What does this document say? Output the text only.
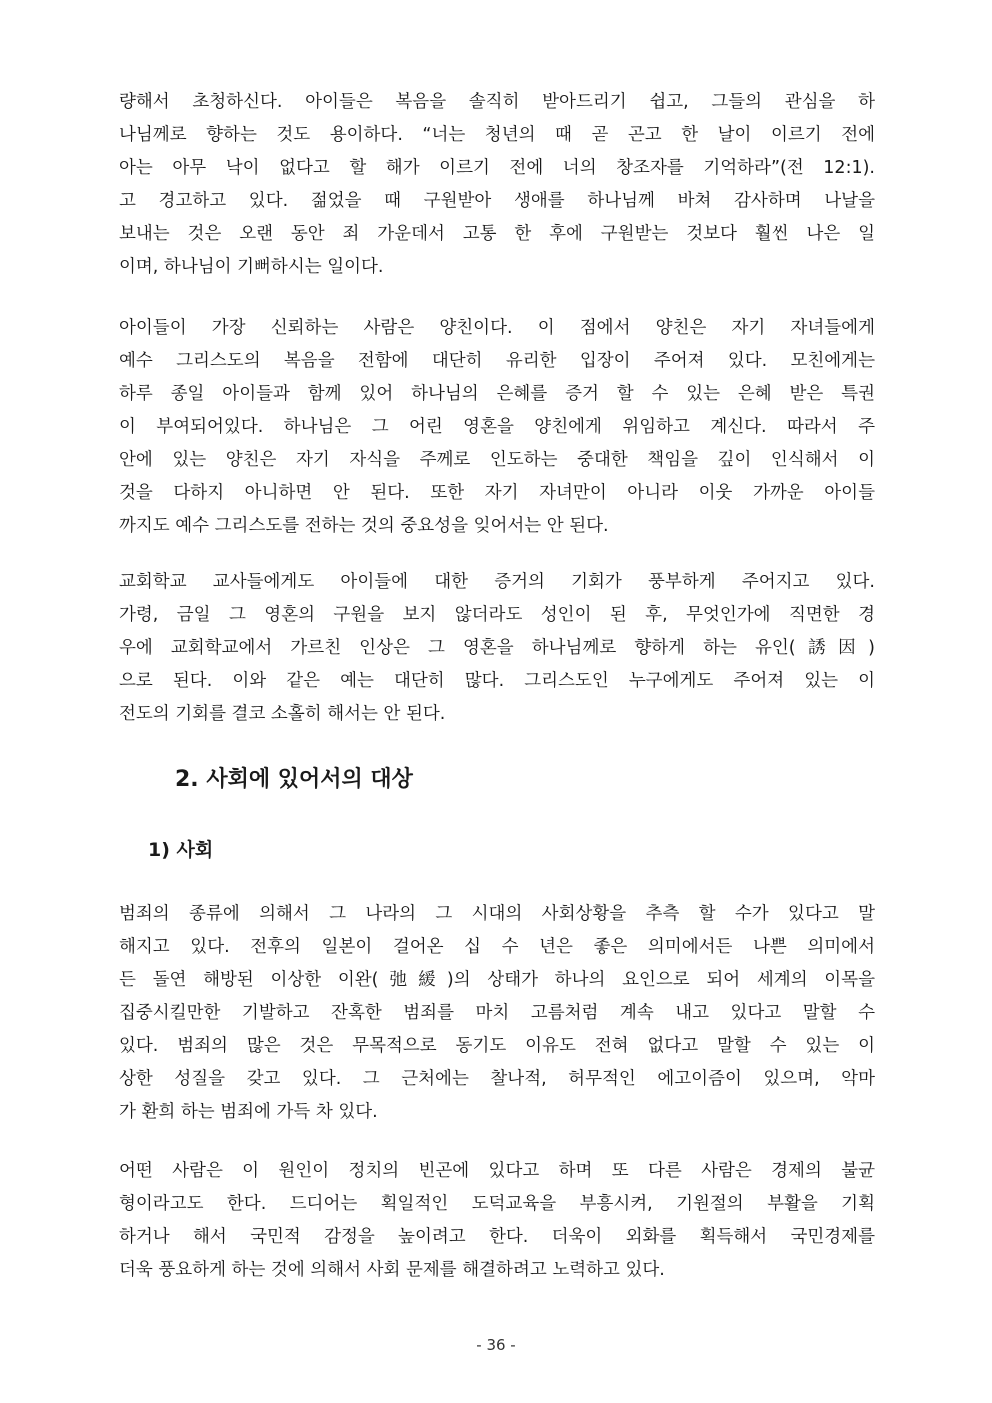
량해서 초청하신다. 아이들은 복음을 솔직히 받아드리기 쉽고, 그들의 관심을 하
나님께로 향하는 것도 용이하다. “너는 청년의 때 곧 곤고 한 날이 이르기 전에
아는 아무 낙이 없다고 할 해가 이르기 전에 너의 창조자를 기억하라”(전 12:1).
고 경고하고 있다. 젊었을 때 구원받아 생애를 하나님께 바쳐 감사하며 나날을
보내는 것은 오랜 동안 죄 가운데서 고통 한 후에 구원받는 것보다 훨씬 나은 일
이며, 하나님이 기뻐하시는 일이다.
아이들이 가장 신뢰하는 사람은 양친이다. 이 점에서 양친은 자기 자녀들에게
예수 그리스도의 복음을 전함에 대단히 유리한 입장이 주어져 있다. 모친에게는
하루 종일 아이들과 함께 있어 하나님의 은혜를 증거 할 수 있는 은혜 받은 특권
이 부여되어있다. 하나님은 그 어린 영혼을 양친에게 위임하고 계신다. 따라서 주
안에 있는 양친은 자기 자식을 주께로 인도하는 중대한 책임을 깊이 인식해서 이
것을 다하지 아니하면 안 된다. 또한 자기 자녀만이 아니라 이웃 가까운 아이들
까지도 예수 그리스도를 전하는 것의 중요성을 잊어서는 안 된다.
교회학교 교사들에게도 아이들에 대한 증거의 기회가 풍부하게 주어지고 있다.
가령, 금일 그 영혼의 구원을 보지 않더라도 성인이 된 후, 무엇인가에 직면한 경
우에 교회학교에서 가르친 인상은 그 영혼을 하나님께로 향하게 하는 유인(誘因)
으로 된다. 이와 같은 예는 대단히 많다. 그리스도인 누구에게도 주어져 있는 이
전도의 기회를 결코 소홀히 해서는 안 된다.
2. 사회에 있어서의 대상
1) 사회
범죄의 종류에 의해서 그 나라의 그 시대의 사회상황을 추측 할 수가 있다고 말
해지고 있다. 전후의 일본이 걸어온 십 수 년은 좋은 의미에서든 나쁜 의미에서
든 돌연 해방된 이상한 이완(弛緩)의 상태가 하나의 요인으로 되어 세계의 이목을
집중시킬만한 기발하고 잔혹한 범죄를 마치 고름처럼 계속 내고 있다고 말할 수
있다. 범죄의 많은 것은 무목적으로 동기도 이유도 전혀 없다고 말할 수 있는 이
상한 성질을 갖고 있다. 그 근처에는 찰나적, 허무적인 에고이즘이 있으며, 악마
가 환희 하는 범죄에 가득 차 있다.
어떤 사람은 이 원인이 정치의 빈곤에 있다고 하며 또 다른 사람은 경제의 불균
형이라고도 한다. 드디어는 획일적인 도덕교육을 부흥시켜, 기원절의 부활을 기획
하거나 해서 국민적 감정을 높이려고 한다. 더욱이 외화를 획득해서 국민경제를
더욱 풍요하게 하는 것에 의해서 사회 문제를 해결하려고 노력하고 있다.
- 36 -
